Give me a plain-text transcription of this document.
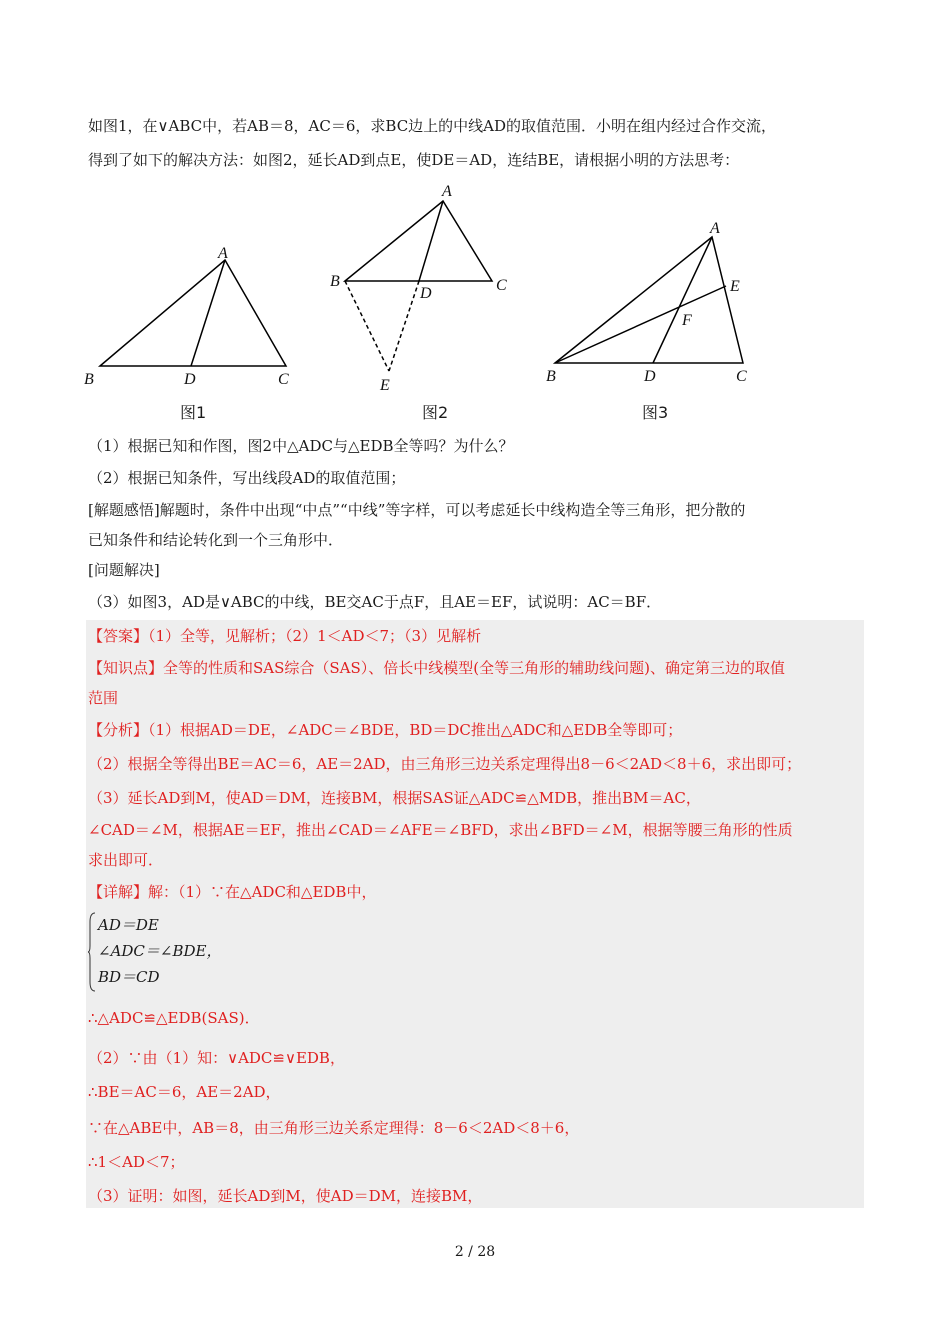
如图1，在∨ABC中，若AB＝8，AC＝6，求BC边上的中线AD的取值范围．小明在组内经过合作交流，
得到了如下的解决方法：如图2，延长AD到点E，使DE＝AD，连结BE，请根据小明的方法思考：
A
B	D	C
图1
A
B
D	C
E
图2
A
E
F
B	D	C
图3
（1）根据已知和作图，图2中△ADC与△EDB全等吗？为什么？
（2）根据已知条件，写出线段AD的取值范围；
[解题感悟]解题时，条件中出现“中点”“中线”等字样，可以考虑延长中线构造全等三角形，把分散的
已知条件和结论转化到一个三角形中．
[问题解决]
（3）如图3，AD是∨ABC的中线，BE交AC于点F，且AE＝EF，试说明：AC＝BF．
【答案】（1）全等，见解析；（2）1＜AD＜7；（3）见解析
【知识点】全等的性质和SAS综合（SAS）、倍长中线模型(全等三角形的辅助线问题)、确定第三边的取值
范围
【分析】（1）根据AD＝DE，∠ADC＝∠BDE，BD＝DC推出△ADC和△EDB全等即可；
（2）根据全等得出BE＝AC＝6，AE＝2AD，由三角形三边关系定理得出8－6＜2AD＜8＋6，求出即可；
（3）延长AD到M，使AD＝DM，连接BM，根据SAS证△ADC≌△MDB，推出BM＝AC，
∠CAD＝∠M，根据AE＝EF，推出∠CAD＝∠AFE＝∠BFD，求出∠BFD＝∠M，根据等腰三角形的性质
求出即可．
【详解】解：（1）∵在△ADC和△EDB中，
AD＝DE
∠ADC＝∠BDE，
BD＝CD
∴△ADC≌△EDB(SAS)．
（2）∵由（1）知：∨ADC≌∨EDB，
∴BE＝AC＝6，AE＝2AD，
∵在△ABE中，AB＝8，由三角形三边关系定理得：8－6＜2AD＜8＋6，
∴1＜AD＜7；
（3）证明：如图，延长AD到M，使AD＝DM，连接BM，
2 / 28
